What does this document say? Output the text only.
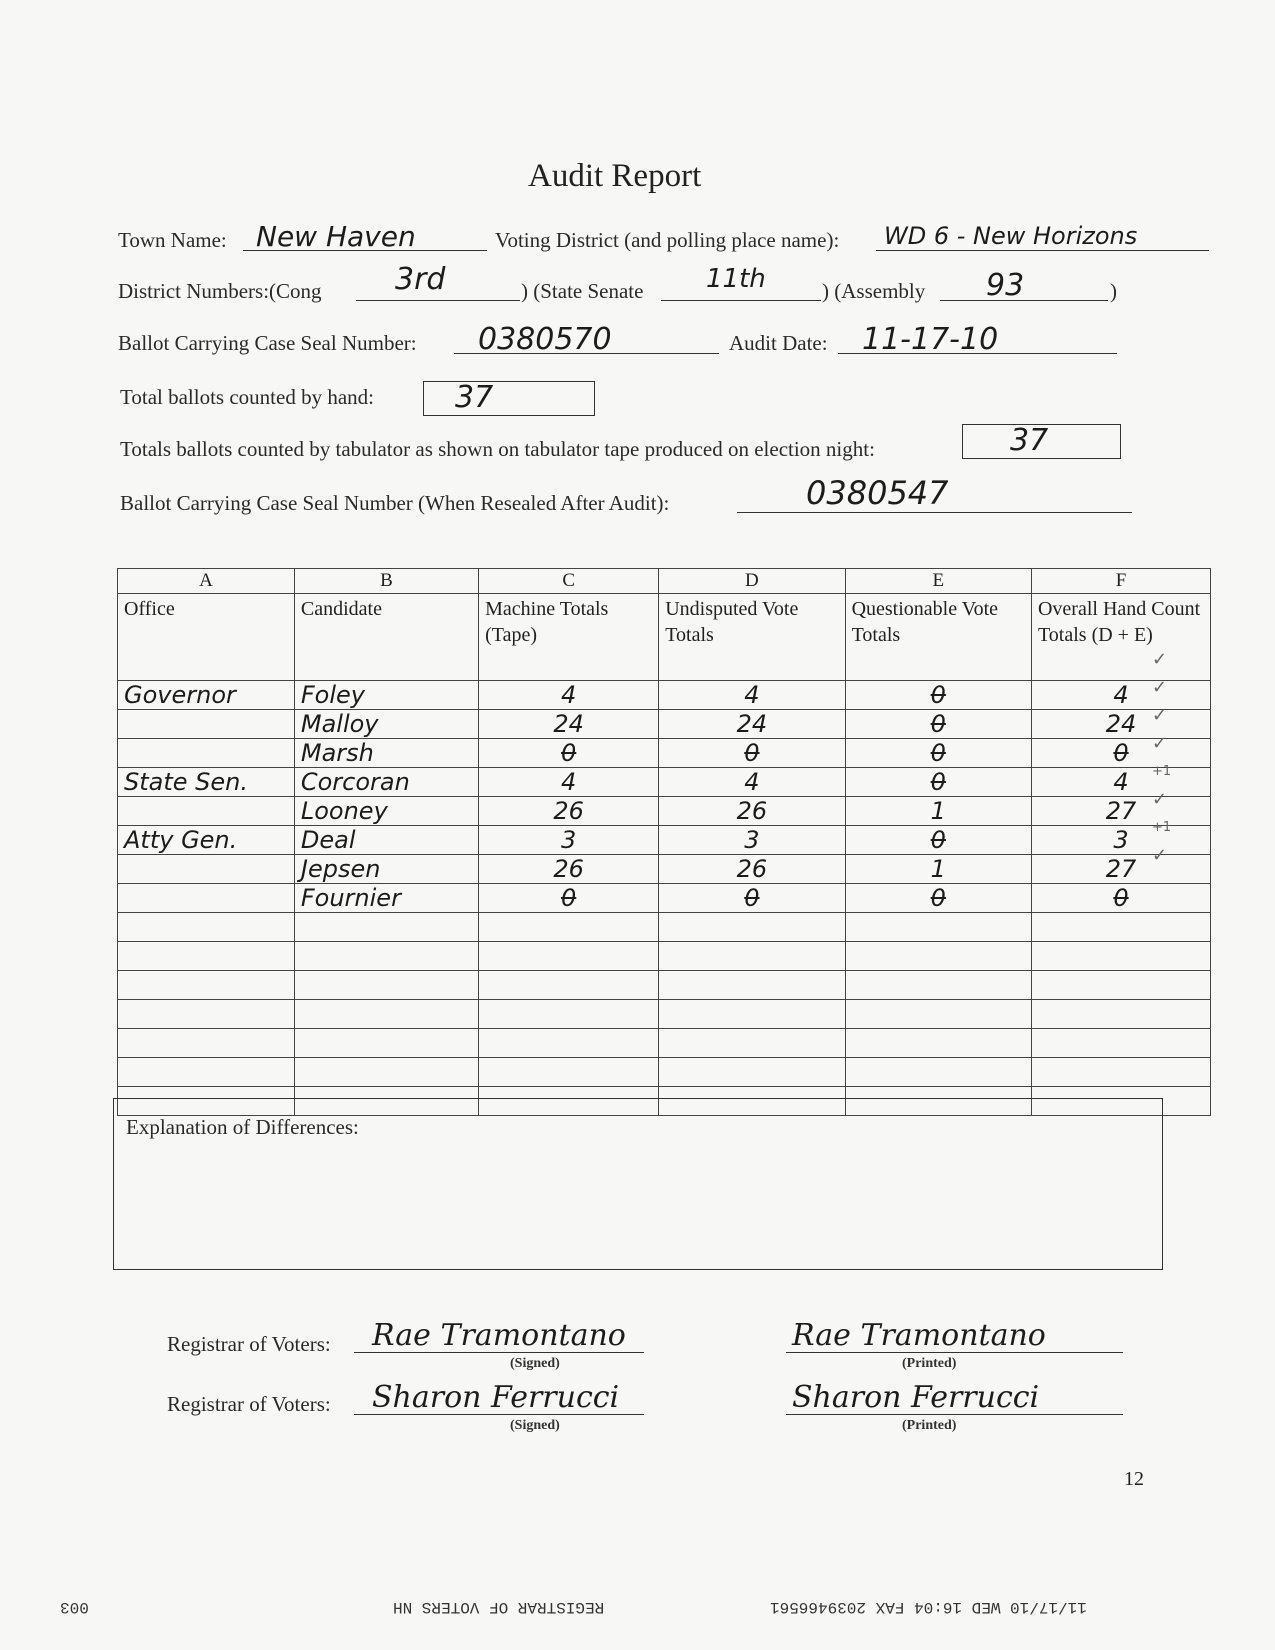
Audit Report
Town Name: New Haven	Voting District (and polling place name): WD 6 - New Horizons
District Numbers:(Cong 3rd	) (State Senate 11th	) (Assembly 93	)
Ballot Carrying Case Seal Number: 0380570	Audit Date: 11-17-10
Total ballots counted by hand:	37
Totals ballots counted by tabulator as shown on tabulator tape produced on election night:	37
Ballot Carrying Case Seal Number (When Resealed After Audit):	0380547
A	B	C	D	E	F
Office	Candidate	Machine Totals (Tape)	Undisputed Vote Totals	Questionable Vote Totals	Overall Hand Count Totals (D + E)
Governor	Foley	4	4	0	4
	Malloy	24	24	0	24
	Marsh	0	0	0	0
State Sen.	Corcoran	4	4	0	4
	Looney	26	26	1	27
Atty Gen.	Deal	3	3	0	3
	Jepsen	26	26	1	27
	Fournier	0	0	0	0

✓
✓
✓
✓
+1
✓
+1
✓
Explanation of Differences:
Registrar of Voters: Rae Tramontano
(Signed)
Rae Tramontano
(Printed)
Registrar of Voters: Sharon Ferrucci
(Signed)
Sharon Ferrucci
(Printed)
12
11/17/10 WED 16:04 FAX 2039466561
REGISTRAR OF VOTERS NH
003
